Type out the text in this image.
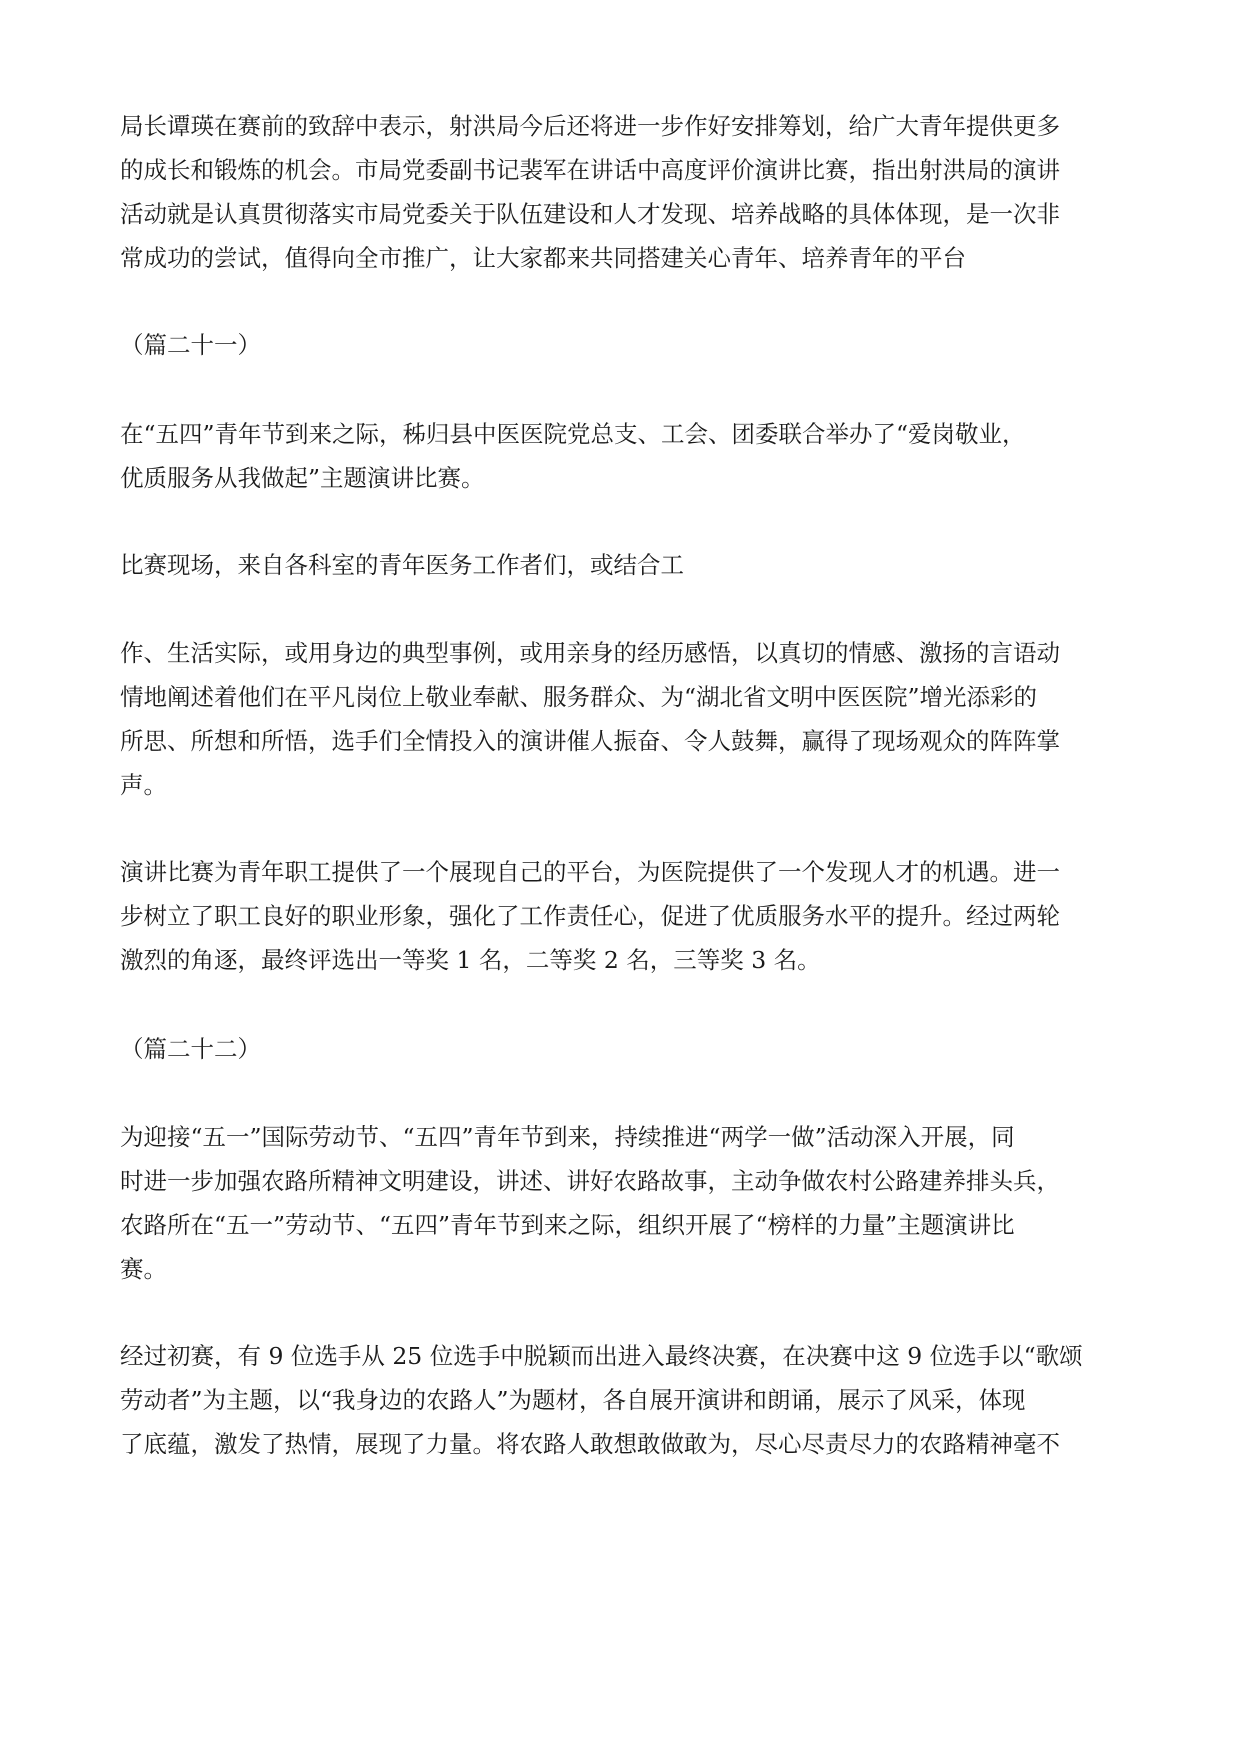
局长谭瑛在赛前的致辞中表示，射洪局今后还将进一步作好安排筹划，给广大青年提供更多
的成长和锻炼的机会。市局党委副书记裴军在讲话中高度评价演讲比赛，指出射洪局的演讲
活动就是认真贯彻落实市局党委关于队伍建设和人才发现、培养战略的具体体现，是一次非
常成功的尝试，值得向全市推广，让大家都来共同搭建关心青年、培养青年的平台
（篇二十一）
在“五四”青年节到来之际，秭归县中医医院党总支、工会、团委联合举办了“爱岗敬业，
优质服务从我做起”主题演讲比赛。
比赛现场，来自各科室的青年医务工作者们，或结合工
作、生活实际，或用身边的典型事例，或用亲身的经历感悟，以真切的情感、激扬的言语动
情地阐述着他们在平凡岗位上敬业奉献、服务群众、为“湖北省文明中医医院”增光添彩的
所思、所想和所悟，选手们全情投入的演讲催人振奋、令人鼓舞，赢得了现场观众的阵阵掌
声。
演讲比赛为青年职工提供了一个展现自己的平台，为医院提供了一个发现人才的机遇。进一
步树立了职工良好的职业形象，强化了工作责任心，促进了优质服务水平的提升。经过两轮
激烈的角逐，最终评选出一等奖 1 名，二等奖 2 名，三等奖 3 名。
（篇二十二）
为迎接“五一”国际劳动节、“五四”青年节到来，持续推进“两学一做”活动深入开展，同
时进一步加强农路所精神文明建设，讲述、讲好农路故事，主动争做农村公路建养排头兵，
农路所在“五一”劳动节、“五四”青年节到来之际，组织开展了“榜样的力量”主题演讲比
赛。
经过初赛，有 9 位选手从 25 位选手中脱颖而出进入最终决赛，在决赛中这 9 位选手以“歌颂
劳动者”为主题，以“我身边的农路人”为题材，各自展开演讲和朗诵，展示了风采，体现
了底蕴，激发了热情，展现了力量。将农路人敢想敢做敢为，尽心尽责尽力的农路精神毫不
